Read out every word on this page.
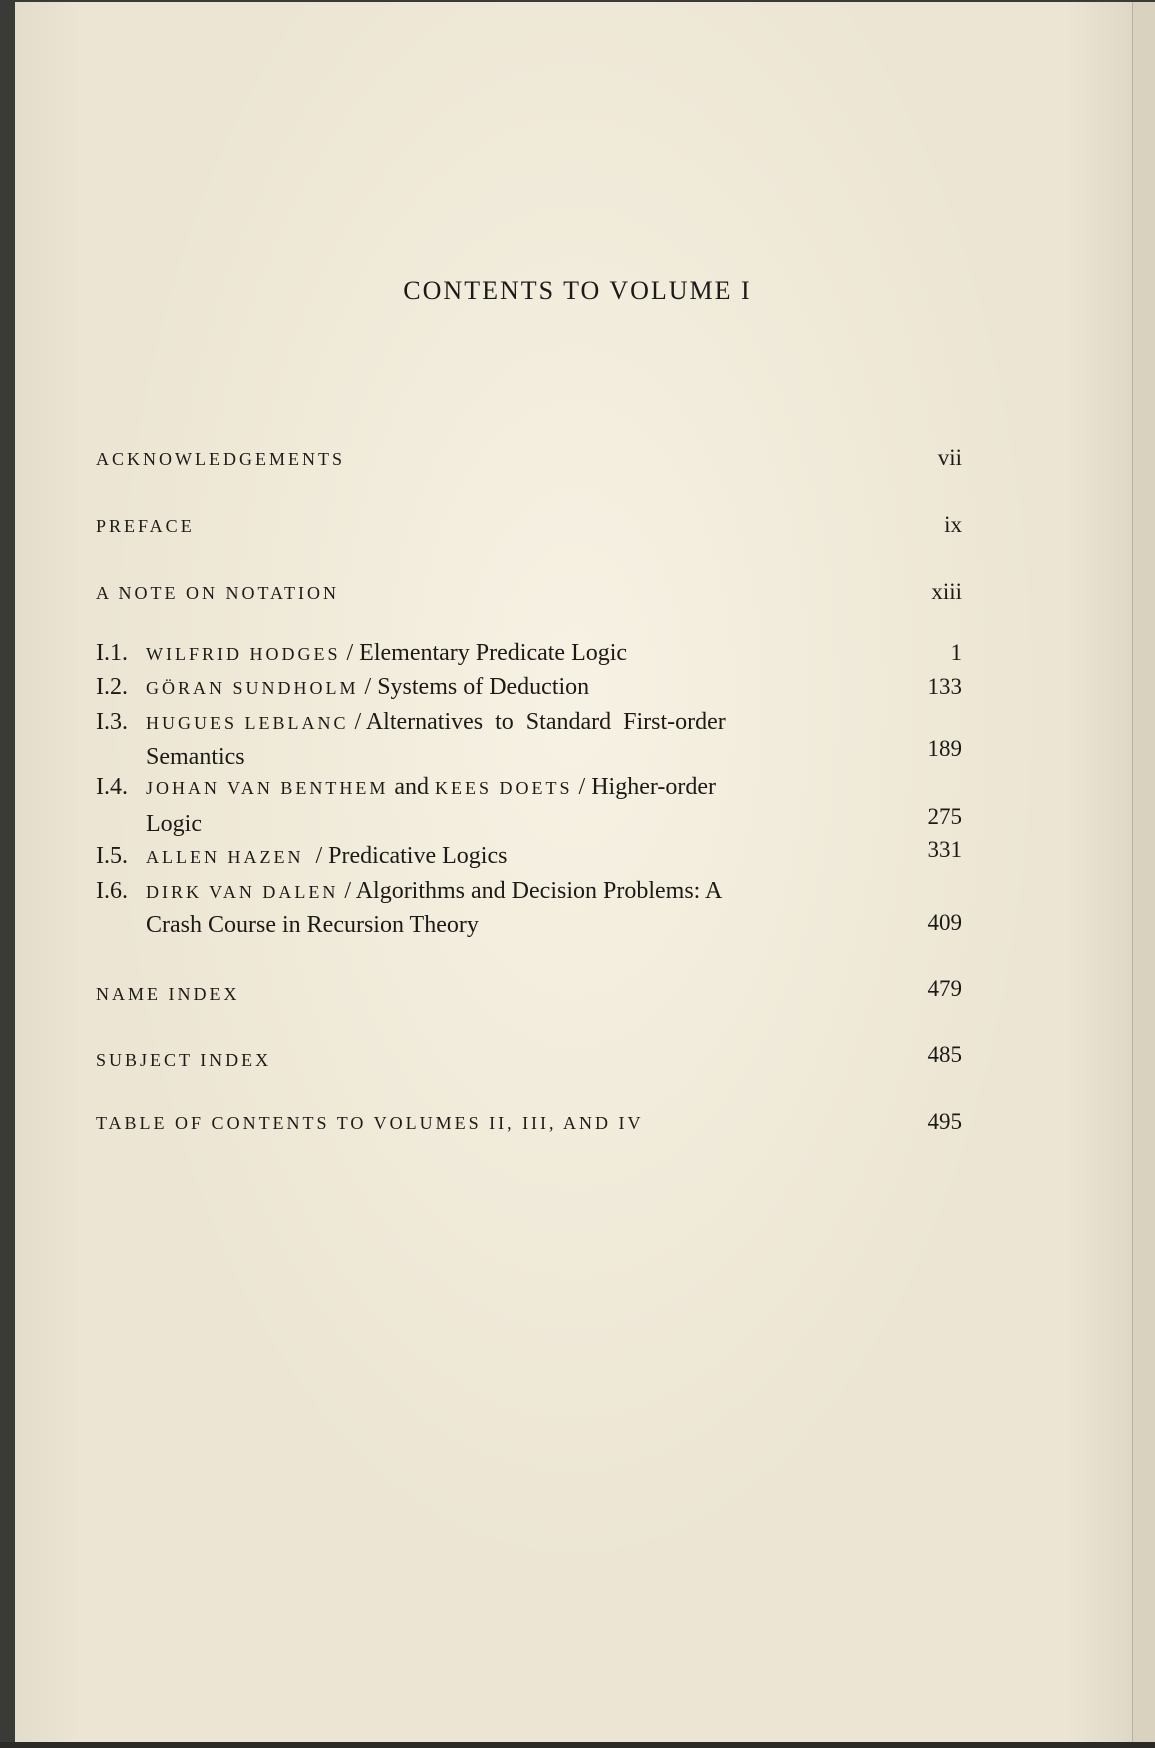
CONTENTS TO VOLUME I
ACKNOWLEDGEMENTS	vii
PREFACE	ix
A NOTE ON NOTATION	xiii
I.1. WILFRID HODGES / Elementary Predicate Logic	1
I.2. GÖRAN SUNDHOLM / Systems of Deduction	133
I.3. HUGUES LEBLANC / Alternatives  to  Standard  First-order
Semantics	189
I.4. JOHAN VAN BENTHEM and KEES DOETS / Higher-order
Logic	275
I.5. ALLEN HAZEN  / Predicative Logics	331
I.6. DIRK VAN DALEN / Algorithms and Decision Problems: A
Crash Course in Recursion Theory	409
NAME INDEX	479
SUBJECT INDEX	485
TABLE OF CONTENTS TO VOLUMES II, III, AND IV	495
